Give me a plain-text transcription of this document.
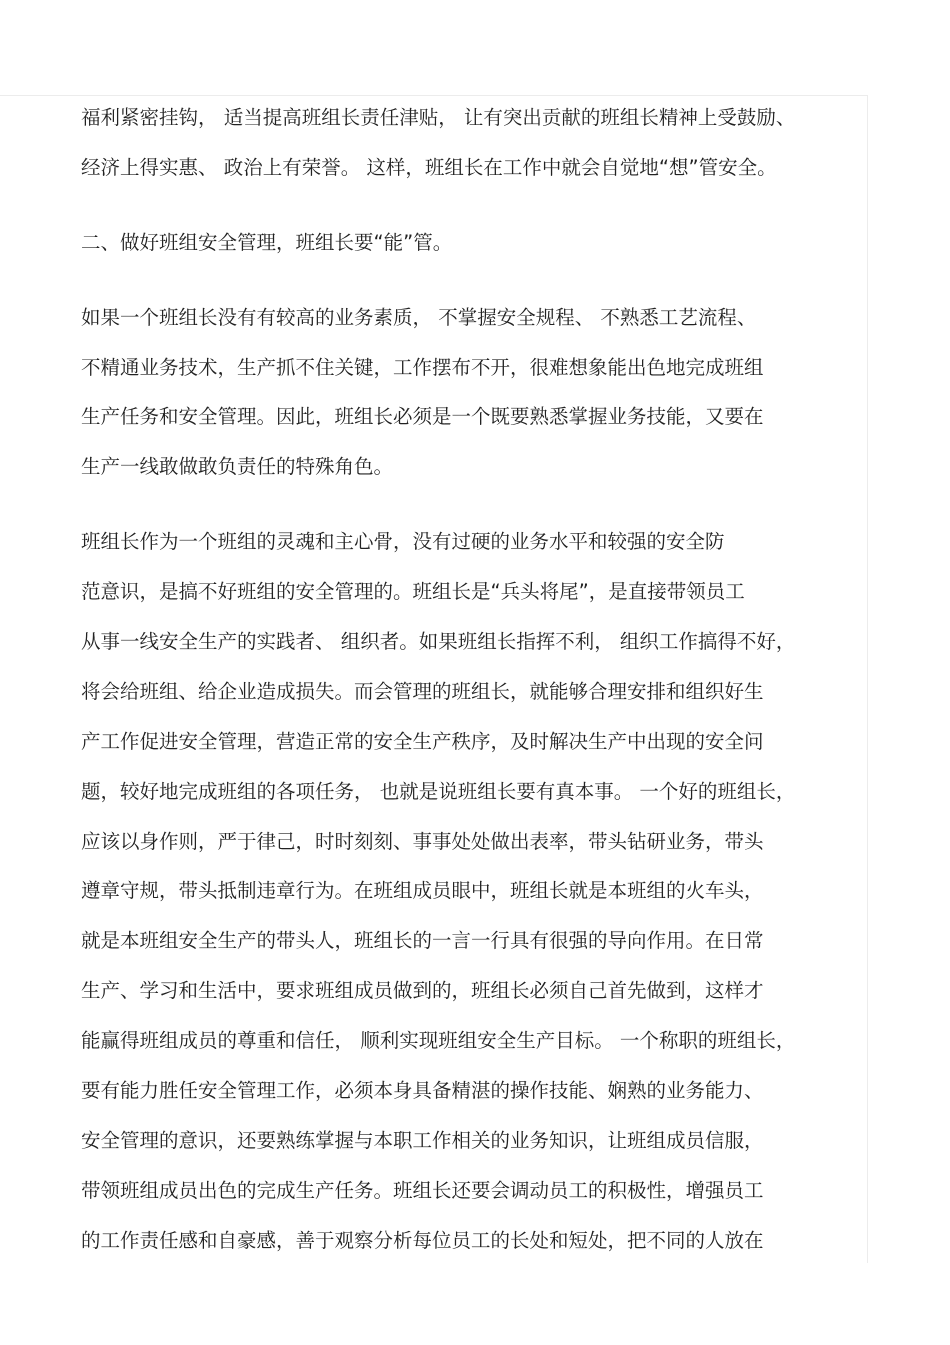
福利紧密挂钩， 适当提高班组长责任津贴， 让有突出贡献的班组长精神上受鼓励、

经济上得实惠、 政治上有荣誉。 这样，班组长在工作中就会自觉地“想”管安全。

二、做好班组安全管理，班组长要“能”管。

如果一个班组长没有有较高的业务素质， 不掌握安全规程、 不熟悉工艺流程、

不精通业务技术，生产抓不住关键，工作摆布不开，很难想象能出色地完成班组

生产任务和安全管理。因此，班组长必须是一个既要熟悉掌握业务技能，又要在

生产一线敢做敢负责任的特殊角色。

班组长作为一个班组的灵魂和主心骨，没有过硬的业务水平和较强的安全防

范意识，是搞不好班组的安全管理的。班组长是“兵头将尾”，是直接带领员工

从事一线安全生产的实践者、 组织者。如果班组长指挥不利， 组织工作搞得不好，

将会给班组、给企业造成损失。而会管理的班组长，就能够合理安排和组织好生

产工作促进安全管理，营造正常的安全生产秩序，及时解决生产中出现的安全问

题，较好地完成班组的各项任务， 也就是说班组长要有真本事。 一个好的班组长，

应该以身作则，严于律己，时时刻刻、事事处处做出表率，带头钻研业务，带头

遵章守规，带头抵制违章行为。在班组成员眼中，班组长就是本班组的火车头，

就是本班组安全生产的带头人，班组长的一言一行具有很强的导向作用。在日常

生产、学习和生活中，要求班组成员做到的，班组长必须自己首先做到，这样才

能赢得班组成员的尊重和信任， 顺利实现班组安全生产目标。 一个称职的班组长，

要有能力胜任安全管理工作，必须本身具备精湛的操作技能、娴熟的业务能力、

安全管理的意识，还要熟练掌握与本职工作相关的业务知识，让班组成员信服，

带领班组成员出色的完成生产任务。班组长还要会调动员工的积极性，增强员工

的工作责任感和自豪感，善于观察分析每位员工的长处和短处，把不同的人放在
